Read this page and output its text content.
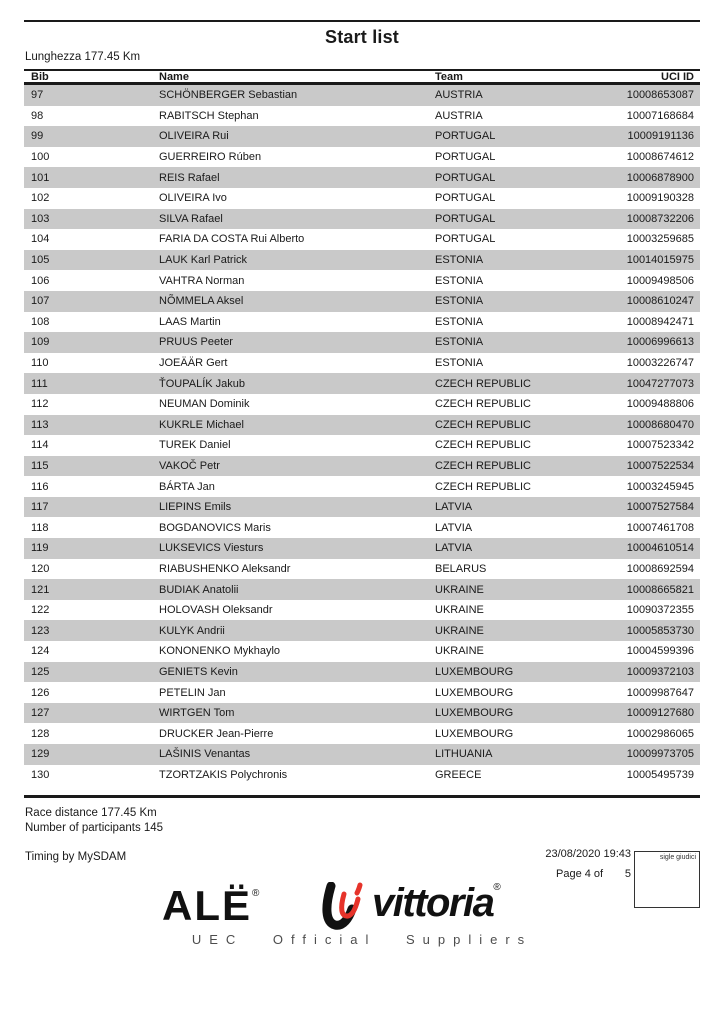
Start list
Lunghezza 177.45 Km
Bib	Name	Team	UCI ID
97	SCHÖNBERGER Sebastian	AUSTRIA	10008653087
98	RABITSCH Stephan	AUSTRIA	10007168684
99	OLIVEIRA Rui	PORTUGAL	10009191136
100	GUERREIRO Rúben	PORTUGAL	10008674612
101	REIS Rafael	PORTUGAL	10006878900
102	OLIVEIRA Ivo	PORTUGAL	10009190328
103	SILVA Rafael	PORTUGAL	10008732206
104	FARIA DA COSTA Rui Alberto	PORTUGAL	10003259685
105	LAUK Karl Patrick	ESTONIA	10014015975
106	VAHTRA Norman	ESTONIA	10009498506
107	NÕMMELA Aksel	ESTONIA	10008610247
108	LAAS Martin	ESTONIA	10008942471
109	PRUUS Peeter	ESTONIA	10006996613
110	JOEÄÄR Gert	ESTONIA	10003226747
111	ŤOUPALÍK Jakub	CZECH REPUBLIC	10047277073
112	NEUMAN Dominik	CZECH REPUBLIC	10009488806
113	KUKRLE Michael	CZECH REPUBLIC	10008680470
114	TUREK Daniel	CZECH REPUBLIC	10007523342
115	VAKOČ Petr	CZECH REPUBLIC	10007522534
116	BÁRTA Jan	CZECH REPUBLIC	10003245945
117	LIEPINS Emils	LATVIA	10007527584
118	BOGDANOVICS Maris	LATVIA	10007461708
119	LUKSEVICS Viesturs	LATVIA	10004610514
120	RIABUSHENKO Aleksandr	BELARUS	10008692594
121	BUDIAK Anatolii	UKRAINE	10008665821
122	HOLOVASH Oleksandr	UKRAINE	10090372355
123	KULYK Andrii	UKRAINE	10005853730
124	KONONENKO Mykhaylo	UKRAINE	10004599396
125	GENIETS Kevin	LUXEMBOURG	10009372103
126	PETELIN Jan	LUXEMBOURG	10009987647
127	WIRTGEN Tom	LUXEMBOURG	10009127680
128	DRUCKER Jean-Pierre	LUXEMBOURG	10002986065
129	LAŠINIS Venantas	LITHUANIA	10009973705
130	TZORTZAKIS Polychronis	GREECE	10005495739
Race distance 177.45 Km
Number of participants 145
Timing by MySDAM	23/08/2020 19:43
Page 4 of 5
sigle giudici
ALË ®	vittoria ®
UEC Official Suppliers
